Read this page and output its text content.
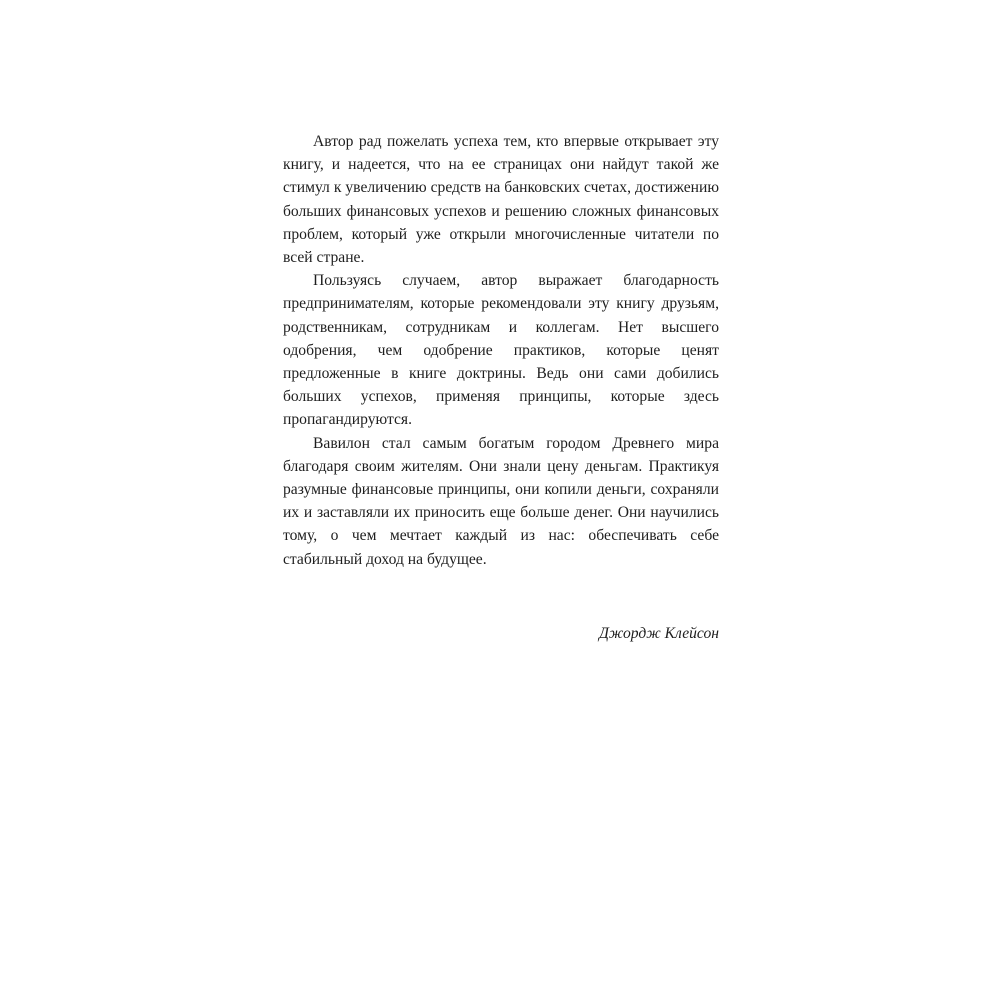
Автор рад пожелать успеха тем, кто впервые открывает эту книгу, и надеется, что на ее страницах они найдут такой же стимул к увеличению средств на банковских счетах, достижению больших финансовых успехов и решению сложных финансовых проблем, который уже открыли многочисленные читатели по всей стране.

Пользуясь случаем, автор выражает благодарность предпринимателям, которые рекомендовали эту книгу друзьям, родственникам, сотрудникам и коллегам. Нет высшего одобрения, чем одобрение практиков, которые ценят предложенные в книге доктрины. Ведь они сами добились больших успехов, применяя принципы, которые здесь пропагандируются.

Вавилон стал самым богатым городом Древнего мира благодаря своим жителям. Они знали цену деньгам. Практикуя разумные финансовые принципы, они копили деньги, сохраняли их и заставляли их приносить еще больше денег. Они научились тому, о чем мечтает каждый из нас: обеспечивать себе стабильный доход на будущее.

Джордж Клейсон
